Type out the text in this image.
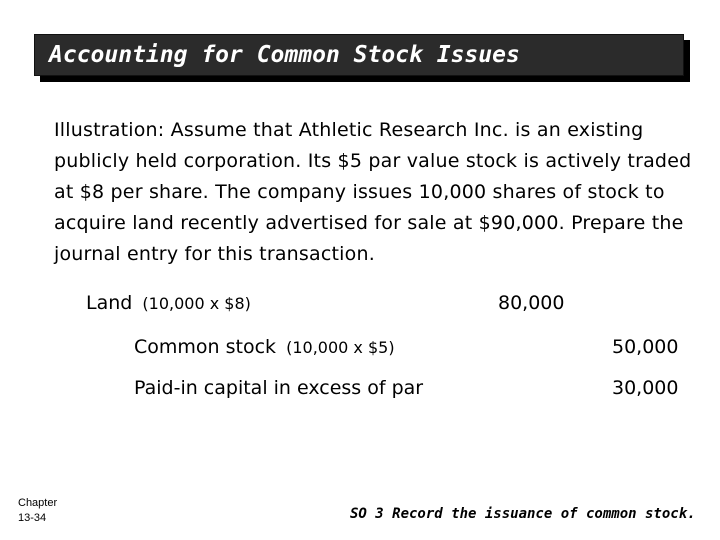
Accounting for Common Stock Issues
Illustration: Assume that Athletic Research Inc. is an existing publicly held corporation. Its $5 par value stock is actively traded at $8 per share. The company issues 10,000 shares of stock to acquire land recently advertised for sale at $90,000. Prepare the journal entry for this transaction.
Land (10,000 x $8)	80,000
Common stock (10,000 x $5)	50,000
Paid-in capital in excess of par	30,000
Chapter
13-34	SO 3 Record the issuance of common stock.
